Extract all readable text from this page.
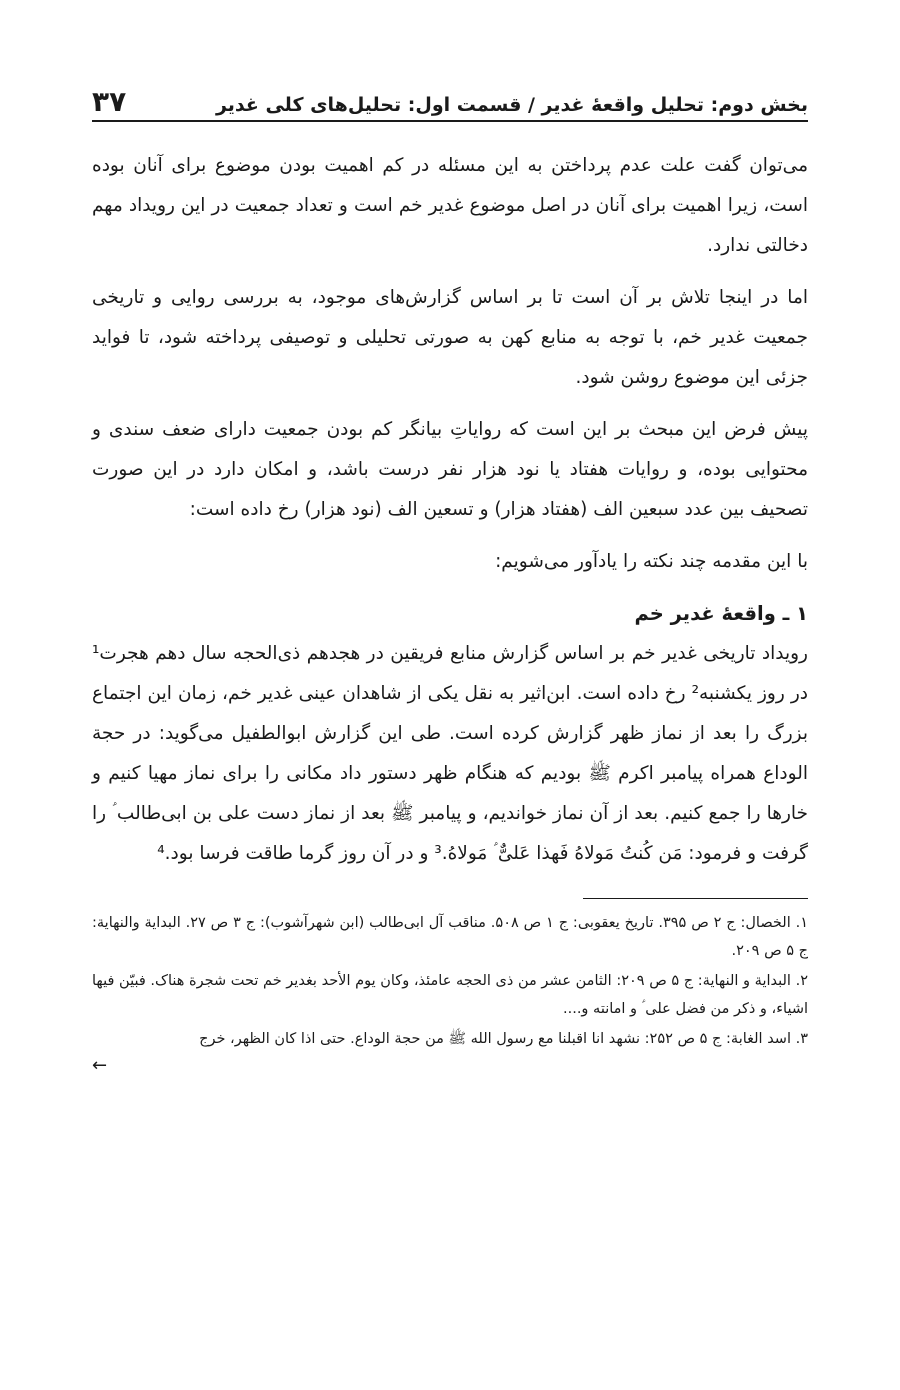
بخش دوم: تحلیل واقعهٔ غدیر / قسمت اول: تحلیل‌های کلی غدیر
۳۷

می‌توان گفت علت عدم پرداختن به این مسئله در کم اهمیت بودن موضوع برای آنان بوده است، زیرا اهمیت برای آنان در اصل موضوع غدیر خم است و تعداد جمعیت در این رویداد مهم دخالتی ندارد.

اما در اینجا تلاش بر آن است تا بر اساس گزارش‌های موجود، به بررسی روایی و تاریخی جمعیت غدیر خم، با توجه به منابع کهن به صورتی تحلیلی و توصیفی پرداخته شود، تا فواید جزئی این موضوع روشن شود.

پیش فرض این مبحث بر این است که روایاتِ بیانگر کم بودن جمعیت دارای ضعف سندی و محتوایی بوده، و روایات هفتاد یا نود هزار نفر درست باشد، و امکان دارد در این صورت تصحیف بین عدد سبعین الف (هفتاد هزار) و تسعین الف (نود هزار) رخ داده است:

با این مقدمه چند نکته را یادآور می‌شویم:

۱ ـ واقعهٔ غدیر خم

رویداد تاریخی غدیر خم بر اساس گزارش منابع فریقین در هجدهم ذی‌الحجه سال دهم هجرت¹ در روز یکشنبه² رخ داده است. ابن‌اثیر به نقل یکی از شاهدان عینی غدیر خم، زمان این اجتماع بزرگ را بعد از نماز ظهر گزارش کرده است. طی این گزارش ابوالطفیل می‌گوید: در حجة الوداع همراه پیامبر اکرم ﷺ بودیم که هنگام ظهر دستور داد مکانی را برای نماز مهیا کنیم و خارها را جمع کنیم. بعد از آن نماز خواندیم، و پیامبر ﷺ بعد از نماز دست علی بن ابی‌طالب ؑ را گرفت و فرمود: مَن کُنتُ مَولاهُ فَهذا عَلیٌّ ؑ مَولاهُ.³ و در آن روز گرما طاقت فرسا بود.⁴

۱. الخصال: ج ۲ ص ۳۹۵. تاریخ یعقوبی: ج ۱ ص ۵۰۸. مناقب آل ابی‌طالب (ابن شهرآشوب): ج ۳ ص ۲۷. البدایة والنهایة: ج ۵ ص ۲۰۹.

۲. البدایة و النهایة: ج ۵ ص ۲۰۹: الثامن عشر من ذی الحجه عامئذ، وکان یوم الأحد بغدیر خم تحت شجرة هناک. فبیّن فیها اشیاء، و ذکر من فضل علی ؑ و امانته و....

۳. اسد الغابة: ج ۵ ص ۲۵۲: نشهد انا اقبلنا مع رسول الله ﷺ من حجة الوداع. حتی اذا کان الظهر، خرج

←
